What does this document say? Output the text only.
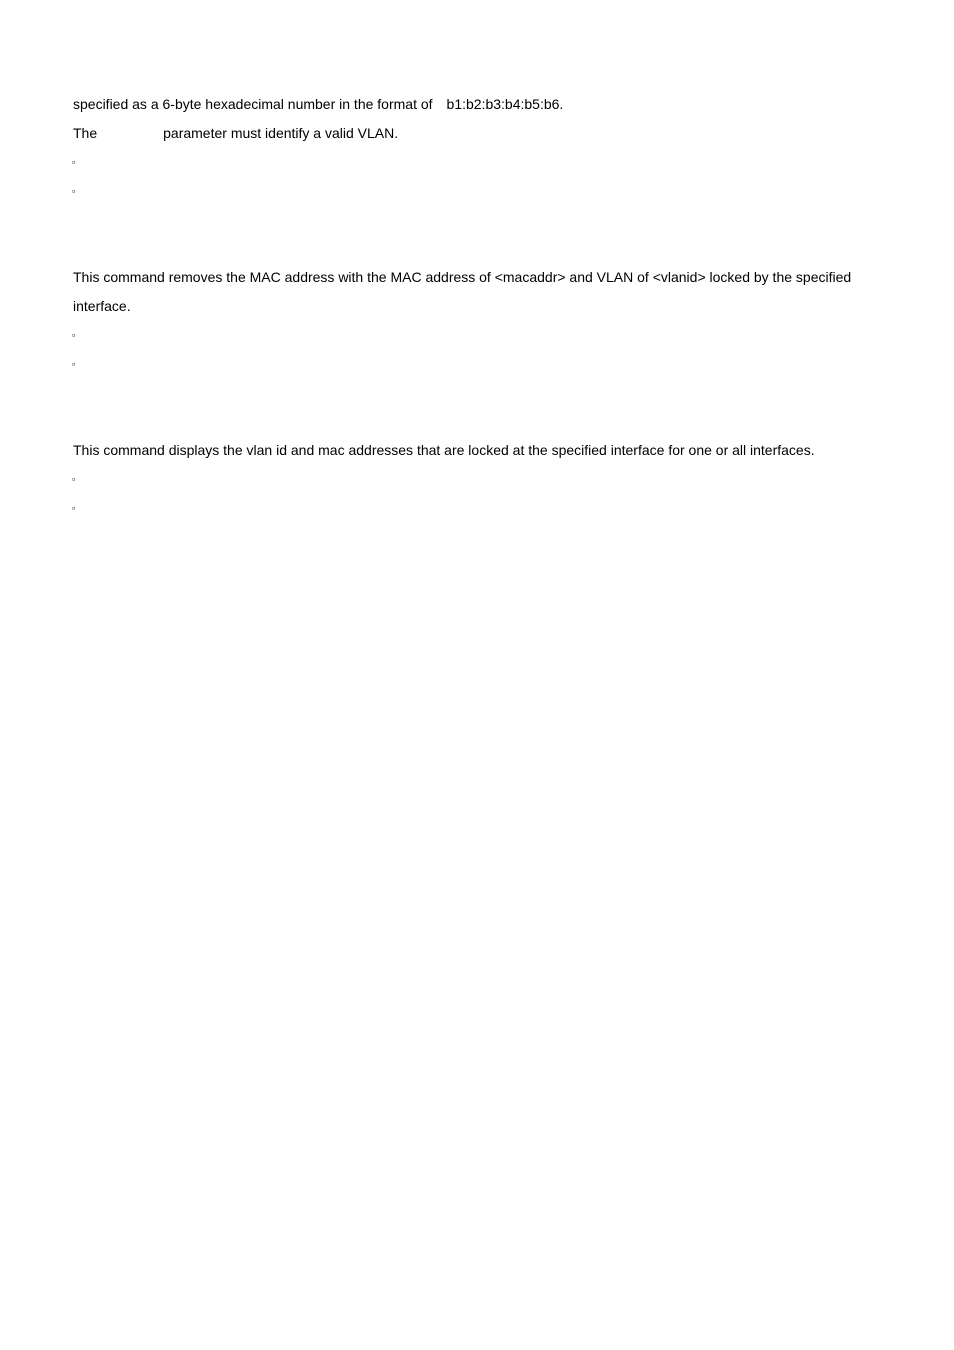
specified as a 6-byte hexadecimal number in the format of b1:b2:b3:b4:b5:b6.
The	parameter must identify a valid VLAN.
▫
▫
This command removes the MAC address with the MAC address of <macaddr> and VLAN of <vlanid> locked by the specified
interface.
▫
▫
This command displays the vlan id and mac addresses that are locked at the specified interface for one or all interfaces.
▫
▫
